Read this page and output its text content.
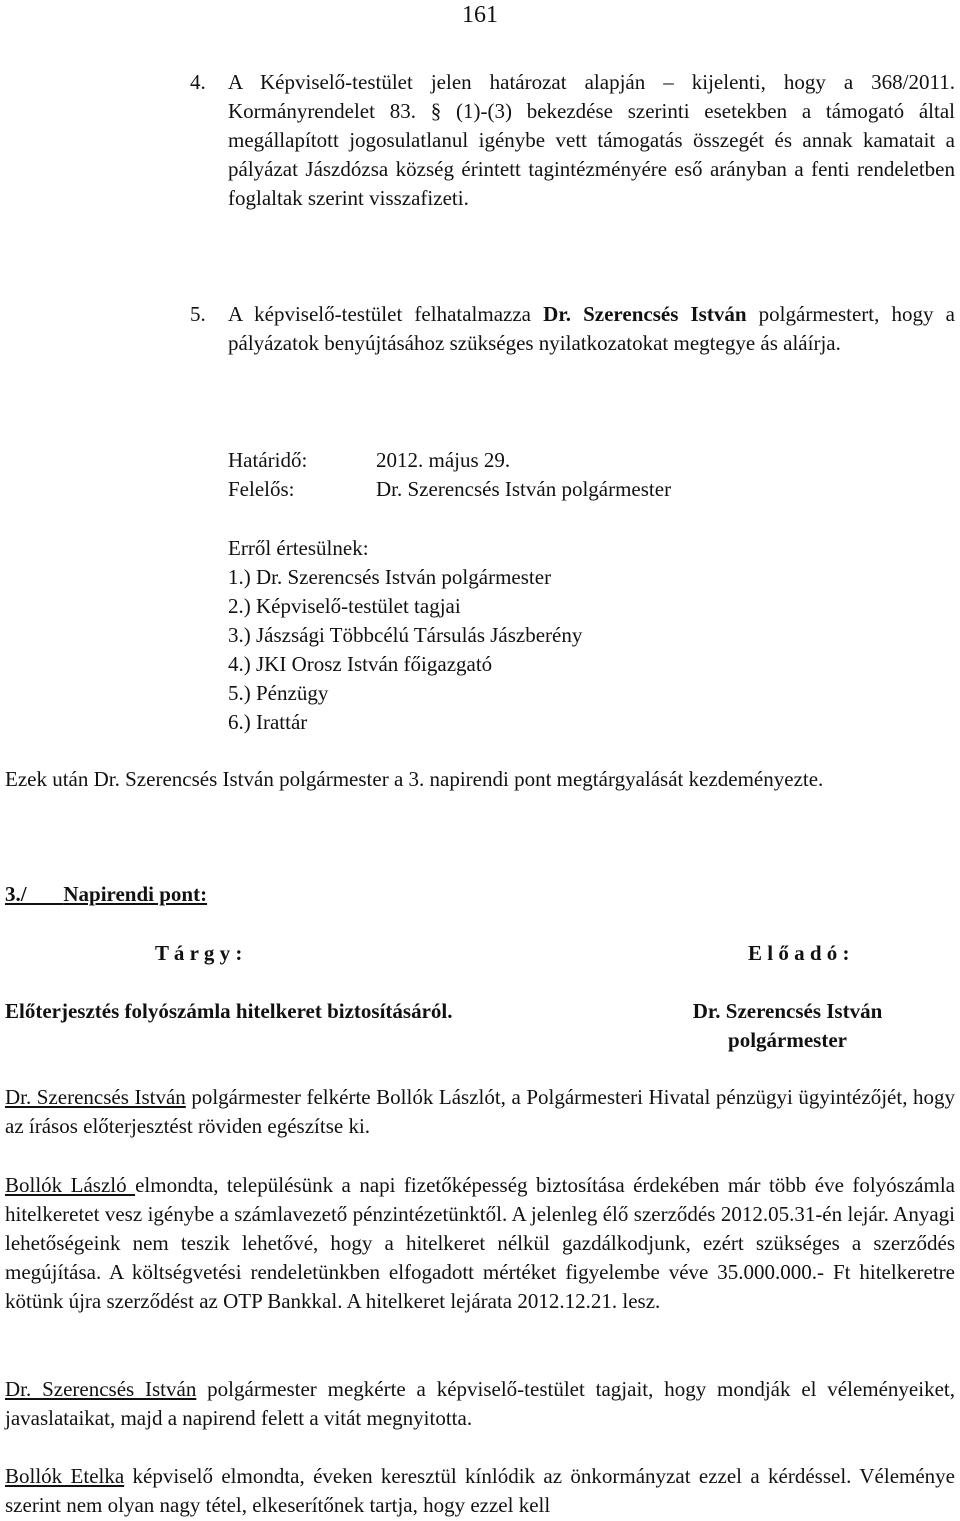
161
4. A Képviselő-testület jelen határozat alapján – kijelenti, hogy a 368/2011. Kormányrendelet 83. § (1)-(3) bekezdése szerinti esetekben a támogató által megállapított jogosulatlanul igénybe vett támogatás összegét és annak kamatait a pályázat Jászdózsa község érintett tagintézményére eső arányban a fenti rendeletben foglaltak szerint visszafizeti.
5. A képviselő-testület felhatalmazza Dr. Szerencsés István polgármestert, hogy a pályázatok benyújtásához szükséges nyilatkozatokat megtegye ás aláírja.
Határidő:	2012. május 29.
Felelős:	Dr. Szerencsés István polgármester
Erről értesülnek:
1.) Dr. Szerencsés István polgármester
2.) Képviselő-testület tagjai
3.) Jászsági Többcélú Társulás Jászberény
4.) JKI Orosz István főigazgató
5.) Pénzügy
6.) Irattár
Ezek után Dr. Szerencsés István polgármester a 3. napirendi pont megtárgyalását kezdeményezte.
3./ Napirendi pont:
T á r g y :	E l ő a d ó :
Előterjesztés folyószámla hitelkeret biztosításáról.	Dr. Szerencsés István
polgármester
Dr. Szerencsés István polgármester felkérte Bollók Lászlót, a Polgármesteri Hivatal pénzügyi ügyintézőjét, hogy az írásos előterjesztést röviden egészítse ki.
Bollók László elmondta, településünk a napi fizetőképesség biztosítása érdekében már több éve folyószámla hitelkeretet vesz igénybe a számlavezető pénzintézetünktől. A jelenleg élő szerződés 2012.05.31-én lejár. Anyagi lehetőségeink nem teszik lehetővé, hogy a hitelkeret nélkül gazdálkodjunk, ezért szükséges a szerződés megújítása. A költségvetési rendeletünkben elfogadott mértéket figyelembe véve 35.000.000.- Ft hitelkeretre kötünk újra szerződést az OTP Bankkal. A hitelkeret lejárata 2012.12.21. lesz.
Dr. Szerencsés István polgármester megkérte a képviselő-testület tagjait, hogy mondják el véleményeiket, javaslataikat, majd a napirend felett a vitát megnyitotta.
Bollók Etelka képviselő elmondta, éveken keresztül kínlódik az önkormányzat ezzel a kérdéssel. Véleménye szerint nem olyan nagy tétel, elkeserítőnek tartja, hogy ezzel kell
